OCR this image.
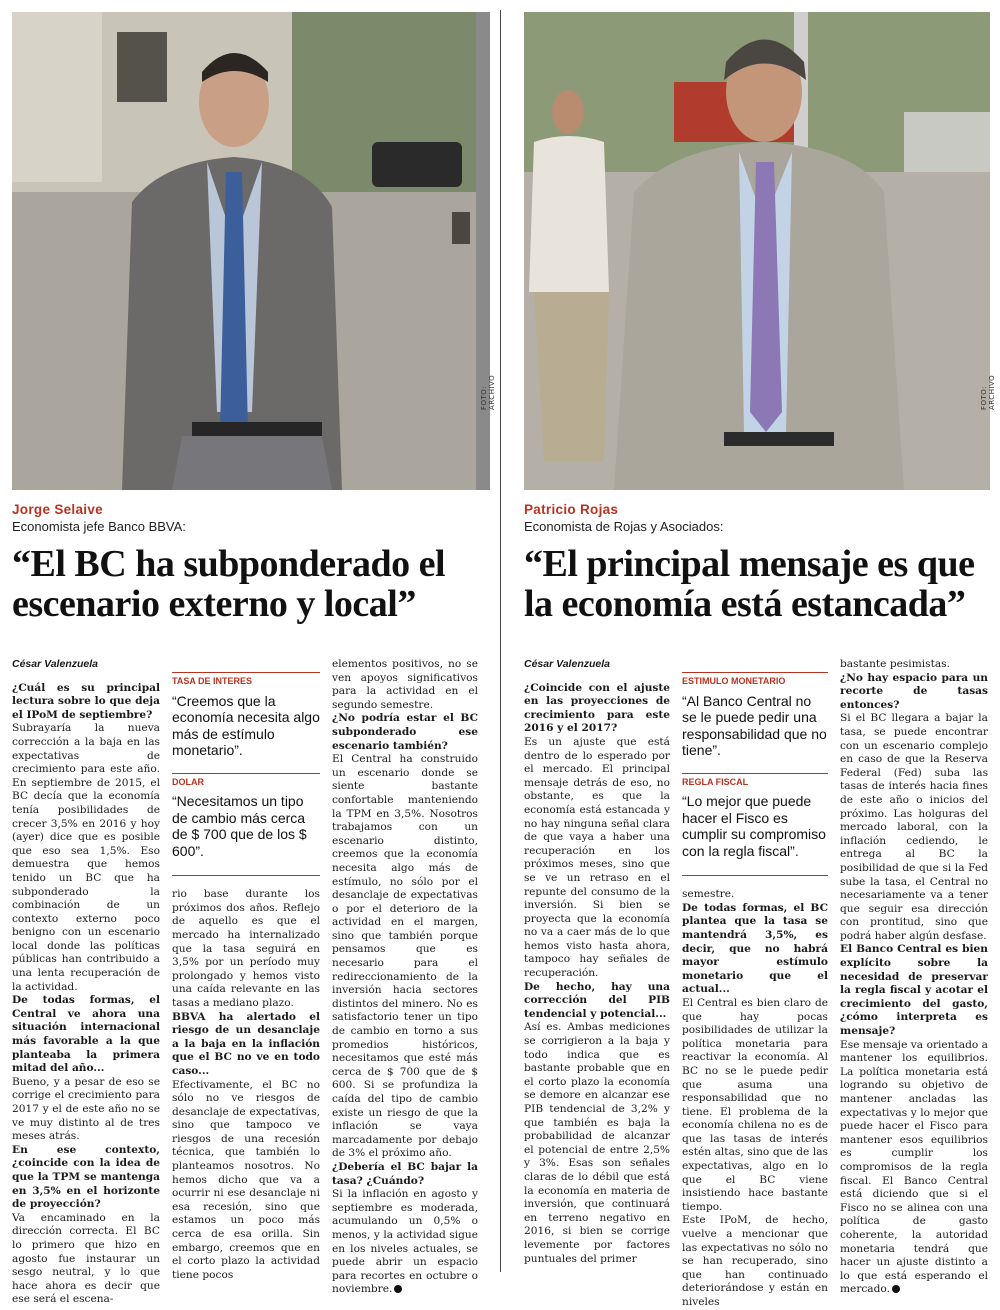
FOTO: ARCHIVO
Jorge Selaive
Economista jefe Banco BBVA:
“El BC ha subponderado el escenario externo y local”
César Valenzuela

¿Cuál es su principal lectura sobre lo que deja el IPoM de septiembre?

Subrayaría la nueva corrección a la baja en las expectativas de crecimiento para este año. En septiembre de 2015, el BC decía que la economía tenía posibilidades de crecer 3,5% en 2016 y hoy (ayer) dice que es posible que eso sea 1,5%. Eso demuestra que hemos tenido un BC que ha subponderado la combinación de un contexto externo poco benigno con un escenario local donde las políticas públicas han contribuido a una lenta recuperación de la actividad.

De todas formas, el Central ve ahora una situación internacional más favorable a la que planteaba la primera mitad del año...

Bueno, y a pesar de eso se corrige el crecimiento para 2017 y el de este año no se ve muy distinto al de tres meses atrás.

En ese contexto, ¿coincide con la idea de que la TPM se mantenga en 3,5% en el horizonte de proyección?

Va encaminado en la dirección correcta. El BC lo primero que hizo en agosto fue instaurar un sesgo neutral, y lo que hace ahora es decir que ese será el escena-

TASA DE INTERES
“Creemos que la economía necesita algo más de estímulo monetario”.
DOLAR
“Necesitamos un tipo de cambio más cerca de $ 700 que de los $ 600”.

rio base durante los próximos dos años. Reflejo de aquello es que el mercado ha internalizado que la tasa seguirá en 3,5% por un período muy prolongado y hemos visto una caída relevante en las tasas a mediano plazo.

BBVA ha alertado el riesgo de un desanclaje a la baja en la inflación que el BC no ve en todo caso...

Efectivamente, el BC no sólo no ve riesgos de desanclaje de expectativas, sino que tampoco ve riesgos de una recesión técnica, que también lo planteamos nosotros. No hemos dicho que va a ocurrir ni ese desanclaje ni esa recesión, sino que estamos un poco más cerca de esa orilla. Sin embargo, creemos que en el corto plazo la actividad tiene pocos

elementos positivos, no se ven apoyos significativos para la actividad en el segundo semestre.

¿No podría estar el BC subponderado ese escenario también?

El Central ha construido un escenario donde se siente bastante confortable manteniendo la TPM en 3,5%. Nosotros trabajamos con un escenario distinto, creemos que la economía necesita algo más de estímulo, no sólo por el desanclaje de expectativas o por el deterioro de la actividad en el margen, sino que también porque pensamos que es necesario para el redireccionamiento de la inversión hacia sectores distintos del minero. No es satisfactorio tener un tipo de cambio en torno a sus promedios históricos, necesitamos que esté más cerca de $ 700 que de $ 600. Si se profundiza la caída del tipo de cambio existe un riesgo de que la inflación se vaya marcadamente por debajo de 3% el próximo año.

¿Debería el BC bajar la tasa? ¿Cuándo?

Si la inflación en agosto y septiembre es moderada, acumulando un 0,5% o menos, y la actividad sigue en los niveles actuales, se puede abrir un espacio para recortes en octubre o noviembre.

FOTO: ARCHIVO
Patricio Rojas
Economista de Rojas y Asociados:
“El principal mensaje es que la economía está estancada”
César Valenzuela

¿Coincide con el ajuste en las proyecciones de crecimiento para este 2016 y el 2017?

Es un ajuste que está dentro de lo esperado por el mercado. El principal mensaje detrás de eso, no obstante, es que la economía está estancada y no hay ninguna señal clara de que vaya a haber una recuperación en los próximos meses, sino que se ve un retraso en el repunte del consumo de la inversión. Si bien se proyecta que la economía no va a caer más de lo que hemos visto hasta ahora, tampoco hay señales de recuperación.

De hecho, hay una corrección del PIB tendencial y potencial...

Así es. Ambas mediciones se corrigieron a la baja y todo indica que es bastante probable que en el corto plazo la economía se demore en alcanzar ese PIB tendencial de 3,2% y que también es baja la probabilidad de alcanzar el potencial de entre 2,5% y 3%. Esas son señales claras de lo débil que está la economía en materia de inversión, que continuará en terreno negativo en 2016, si bien se corrige levemente por factores puntuales del primer

ESTIMULO MONETARIO
“Al Banco Central no se le puede pedir una responsabilidad que no tiene”.
REGLA FISCAL
“Lo mejor que puede hacer el Fisco es cumplir su compromiso con la regla fiscal”.

semestre.

De todas formas, el BC plantea que la tasa se mantendrá 3,5%, es decir, que no habrá mayor estímulo monetario que el actual...

El Central es bien claro de que hay pocas posibilidades de utilizar la política monetaria para reactivar la economía. Al BC no se le puede pedir que asuma una responsabilidad que no tiene. El problema de la economía chilena no es de que las tasas de interés estén altas, sino que de las expectativas, algo en lo que el BC viene insistiendo hace bastante tiempo.

Este IPoM, de hecho, vuelve a mencionar que las expectativas no sólo no se han recuperado, sino que han continuado deteriorándose y están en niveles

bastante pesimistas.

¿No hay espacio para un recorte de tasas entonces?

Si el BC llegara a bajar la tasa, se puede encontrar con un escenario complejo en caso de que la Reserva Federal (Fed) suba las tasas de interés hacia fines de este año o inicios del próximo. Las holguras del mercado laboral, con la inflación cediendo, le entrega al BC la posibilidad de que si la Fed sube la tasa, el Central no necesariamente va a tener que seguir esa dirección con prontitud, sino que podrá haber algún desfase.

El Banco Central es bien explícito sobre la necesidad de preservar la regla fiscal y acotar el crecimiento del gasto, ¿cómo interpreta es mensaje?

Ese mensaje va orientado a mantener los equilibrios. La política monetaria está logrando su objetivo de mantener ancladas las expectativas y lo mejor que puede hacer el Fisco para mantener esos equilibrios es cumplir los compromisos de la regla fiscal. El Banco Central está diciendo que si el Fisco no se alinea con una política de gasto coherente, la autoridad monetaria tendrá que hacer un ajuste distinto a lo que está esperando el mercado.
